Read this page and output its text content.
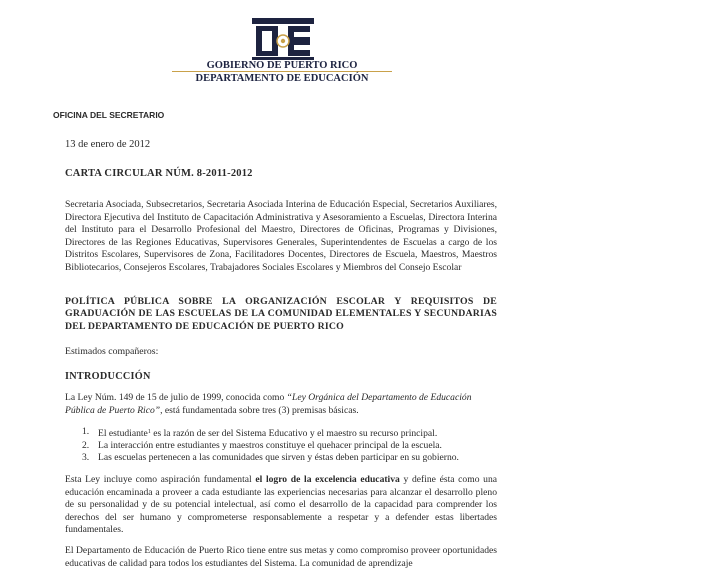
GOBIERNO DE PUERTO RICO
DEPARTAMENTO DE EDUCACIÓN
OFICINA DEL SECRETARIO
13 de enero de 2012
CARTA CIRCULAR NÚM. 8-2011-2012
Secretaria Asociada, Subsecretarios, Secretaria Asociada Interina de Educación Especial, Secretarios Auxiliares, Directora Ejecutiva del Instituto de Capacitación Administrativa y Asesoramiento a Escuelas, Directora Interina del Instituto para el Desarrollo Profesional del Maestro, Directores de Oficinas, Programas y Divisiones, Directores de las Regiones Educativas, Supervisores Generales, Superintendentes de Escuelas a cargo de los Distritos Escolares, Supervisores de Zona, Facilitadores Docentes, Directores de Escuela, Maestros, Maestros Bibliotecarios, Consejeros Escolares, Trabajadores Sociales Escolares y Miembros del Consejo Escolar
POLÍTICA PÚBLICA SOBRE LA ORGANIZACIÓN ESCOLAR Y REQUISITOS DE GRADUACIÓN DE LAS ESCUELAS DE LA COMUNIDAD ELEMENTALES Y SECUNDARIAS DEL DEPARTAMENTO DE EDUCACIÓN DE PUERTO RICO
Estimados compañeros:
INTRODUCCIÓN
La Ley Núm. 149 de 15 de julio de 1999, conocida como “Ley Orgánica del Departamento de Educación Pública de Puerto Rico”, está fundamentada sobre tres (3) premisas básicas.
1. El estudiante$^1$ es la razón de ser del Sistema Educativo y el maestro su recurso principal.
2. La interacción entre estudiantes y maestros constituye el quehacer principal de la escuela.
3. Las escuelas pertenecen a las comunidades que sirven y éstas deben participar en su gobierno.
Esta Ley incluye como aspiración fundamental el logro de la excelencia educativa y define ésta como una educación encaminada a proveer a cada estudiante las experiencias necesarias para alcanzar el desarrollo pleno de su personalidad y de su potencial intelectual, así como el desarrollo de la capacidad para comprender los derechos del ser humano y comprometerse responsablemente a respetar y a defender estas libertades fundamentales.
El Departamento de Educación de Puerto Rico tiene entre sus metas y como compromiso proveer oportunidades educativas de calidad para todos los estudiantes del Sistema. La comunidad de aprendizaje
